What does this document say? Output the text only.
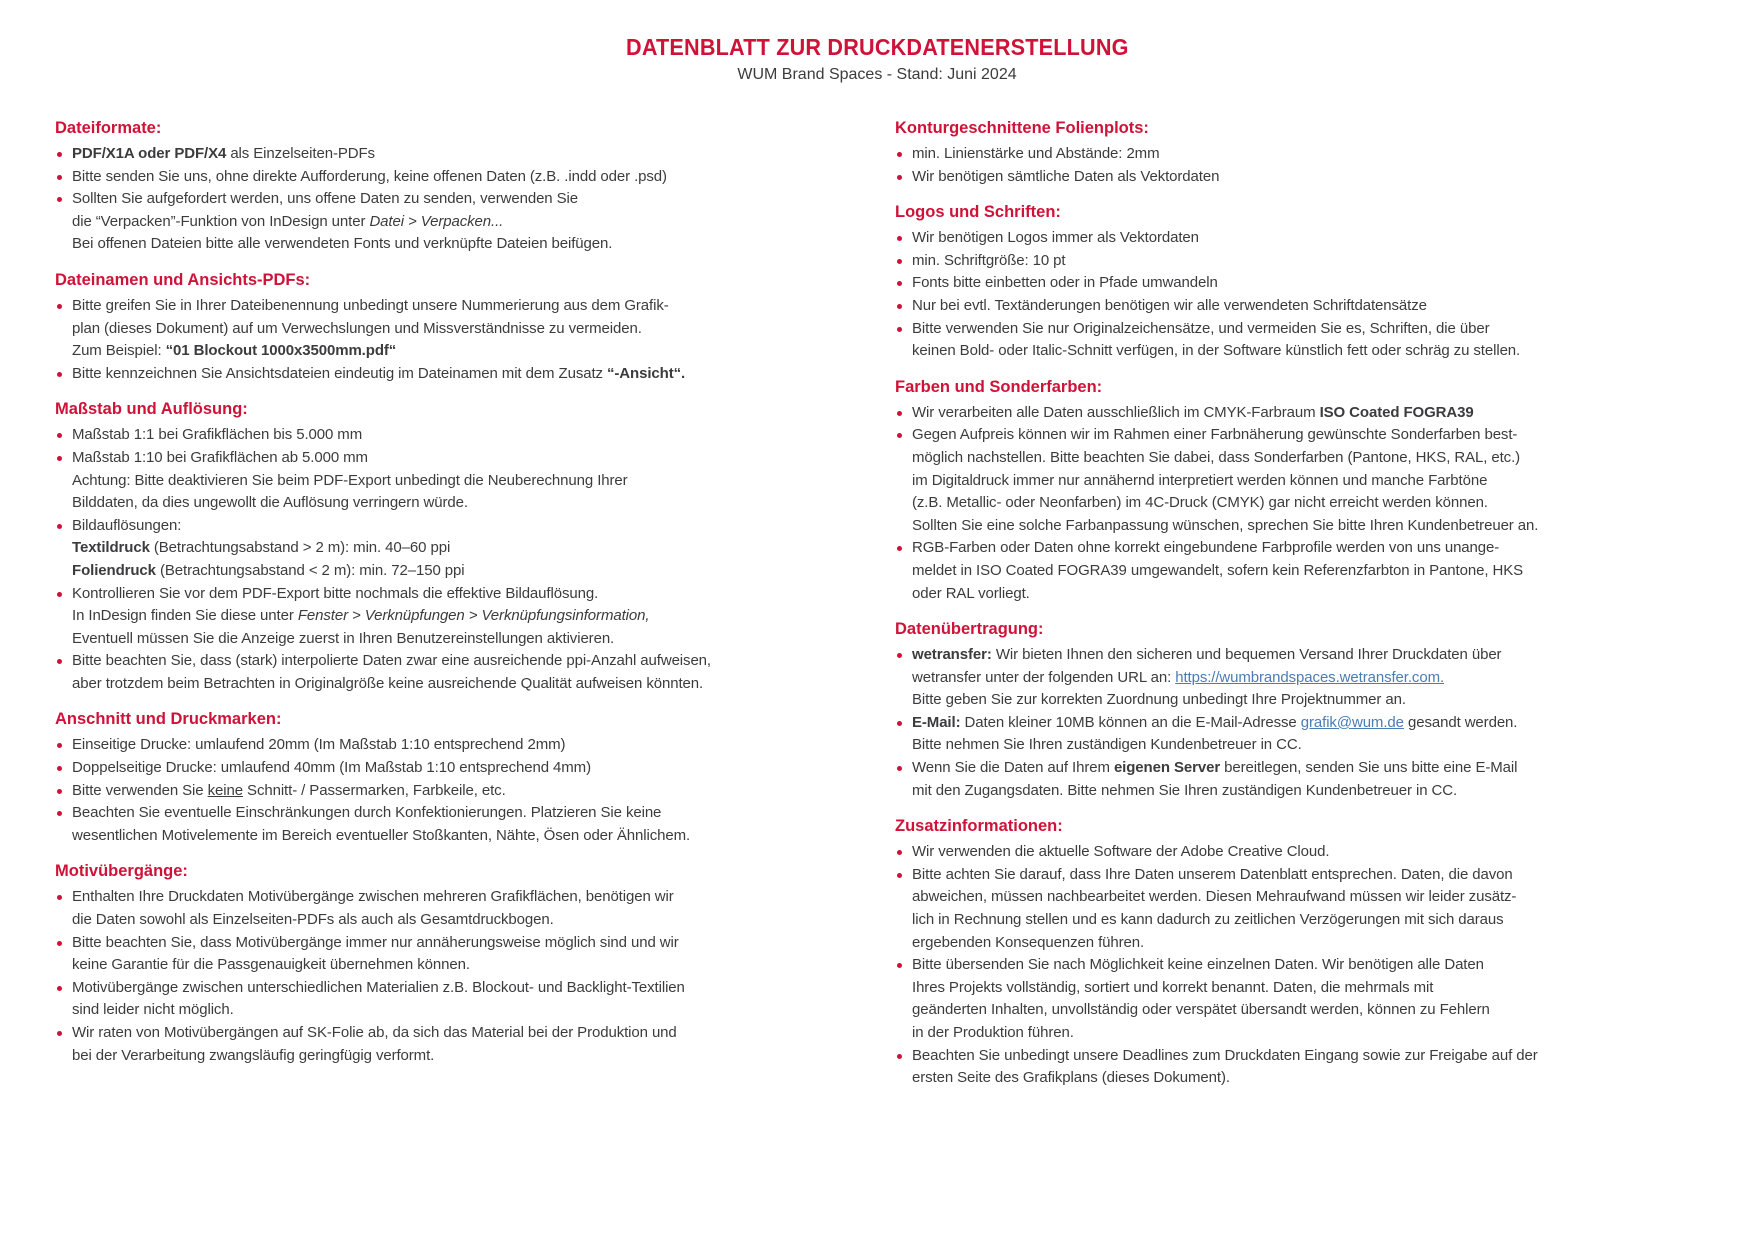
DATENBLATT ZUR DRUCKDATENERSTELLUNG
WUM Brand Spaces - Stand: Juni 2024
Dateiformate:
PDF/X1A oder PDF/X4 als Einzelseiten-PDFs
Bitte senden Sie uns, ohne direkte Aufforderung, keine offenen Daten (z.B. .indd oder .psd)
Sollten Sie aufgefordert werden, uns offene Daten zu senden, verwenden Sie
die “Verpacken”-Funktion von InDesign unter Datei > Verpacken...
Bei offenen Dateien bitte alle verwendeten Fonts und verknüpfte Dateien beifügen.
Dateinamen und Ansichts-PDFs:
Bitte greifen Sie in Ihrer Dateibenennung unbedingt unsere Nummerierung aus dem Grafik-
plan (dieses Dokument) auf um Verwechslungen und Missverständnisse zu vermeiden.
Zum Beispiel: “01 Blockout 1000x3500mm.pdf“
Bitte kennzeichnen Sie Ansichtsdateien eindeutig im Dateinamen mit dem Zusatz “-Ansicht“.
Maßstab und Auflösung:
Maßstab 1:1 bei Grafikflächen bis 5.000 mm
Maßstab 1:10 bei Grafikflächen ab 5.000 mm
Achtung: Bitte deaktivieren Sie beim PDF-Export unbedingt die Neuberechnung Ihrer
Bilddaten, da dies ungewollt die Auflösung verringern würde.
Bildauflösungen:
Textildruck (Betrachtungsabstand > 2 m): min. 40–60 ppi
Foliendruck (Betrachtungsabstand < 2 m): min. 72–150 ppi
Kontrollieren Sie vor dem PDF-Export bitte nochmals die effektive Bildauflösung.
In InDesign finden Sie diese unter Fenster > Verknüpfungen > Verknüpfungsinformation,
Eventuell müssen Sie die Anzeige zuerst in Ihren Benutzereinstellungen aktivieren.
Bitte beachten Sie, dass (stark) interpolierte Daten zwar eine ausreichende ppi-Anzahl aufweisen,
aber trotzdem beim Betrachten in Originalgröße keine ausreichende Qualität aufweisen könnten.
Anschnitt und Druckmarken:
Einseitige Drucke: umlaufend 20mm (Im Maßstab 1:10 entsprechend 2mm)
Doppelseitige Drucke: umlaufend 40mm (Im Maßstab 1:10 entsprechend 4mm)
Bitte verwenden Sie keine Schnitt- / Passermarken, Farbkeile, etc.
Beachten Sie eventuelle Einschränkungen durch Konfektionierungen. Platzieren Sie keine
wesentlichen Motivelemente im Bereich eventueller Stoßkanten, Nähte, Ösen oder Ähnlichem.
Motivübergänge:
Enthalten Ihre Druckdaten Motivübergänge zwischen mehreren Grafikflächen, benötigen wir
die Daten sowohl als Einzelseiten-PDFs als auch als Gesamtdruckbogen.
Bitte beachten Sie, dass Motivübergänge immer nur annäherungsweise möglich sind und wir
keine Garantie für die Passgenauigkeit übernehmen können.
Motivübergänge zwischen unterschiedlichen Materialien z.B. Blockout- und Backlight-Textilien
sind leider nicht möglich.
Wir raten von Motivübergängen auf SK-Folie ab, da sich das Material bei der Produktion und
bei der Verarbeitung zwangsläufig geringfügig verformt.
Konturgeschnittene Folienplots:
min. Linienstärke und Abstände: 2mm
Wir benötigen sämtliche Daten als Vektordaten
Logos und Schriften:
Wir benötigen Logos immer als Vektordaten
min. Schriftgröße: 10 pt
Fonts bitte einbetten oder in Pfade umwandeln
Nur bei evtl. Textänderungen benötigen wir alle verwendeten Schriftdatensätze
Bitte verwenden Sie nur Originalzeichensätze, und vermeiden Sie es, Schriften, die über
keinen Bold- oder Italic-Schnitt verfügen, in der Software künstlich fett oder schräg zu stellen.
Farben und Sonderfarben:
Wir verarbeiten alle Daten ausschließlich im CMYK-Farbraum ISO Coated FOGRA39
Gegen Aufpreis können wir im Rahmen einer Farbnäherung gewünschte Sonderfarben best-
möglich nachstellen. Bitte beachten Sie dabei, dass Sonderfarben (Pantone, HKS, RAL, etc.)
im Digitaldruck immer nur annähernd interpretiert werden können und manche Farbtöne
(z.B. Metallic- oder Neonfarben) im 4C-Druck (CMYK) gar nicht erreicht werden können.
Sollten Sie eine solche Farbanpassung wünschen, sprechen Sie bitte Ihren Kundenbetreuer an.
RGB-Farben oder Daten ohne korrekt eingebundene Farbprofile werden von uns unange-
meldet in ISO Coated FOGRA39 umgewandelt, sofern kein Referenzfarbton in Pantone, HKS
oder RAL vorliegt.
Datenübertragung:
wetransfer: Wir bieten Ihnen den sicheren und bequemen Versand Ihrer Druckdaten über
wetransfer unter der folgenden URL an: https://wumbrandspaces.wetransfer.com.
Bitte geben Sie zur korrekten Zuordnung unbedingt Ihre Projektnummer an.
E-Mail: Daten kleiner 10MB können an die E-Mail-Adresse grafik@wum.de gesandt werden.
Bitte nehmen Sie Ihren zuständigen Kundenbetreuer in CC.
Wenn Sie die Daten auf Ihrem eigenen Server bereitlegen, senden Sie uns bitte eine E-Mail
mit den Zugangsdaten. Bitte nehmen Sie Ihren zuständigen Kundenbetreuer in CC.
Zusatzinformationen:
Wir verwenden die aktuelle Software der Adobe Creative Cloud.
Bitte achten Sie darauf, dass Ihre Daten unserem Datenblatt entsprechen. Daten, die davon
abweichen, müssen nachbearbeitet werden. Diesen Mehraufwand müssen wir leider zusätz-
lich in Rechnung stellen und es kann dadurch zu zeitlichen Verzögerungen mit sich daraus
ergebenden Konsequenzen führen.
Bitte übersenden Sie nach Möglichkeit keine einzelnen Daten. Wir benötigen alle Daten
Ihres Projekts vollständig, sortiert und korrekt benannt. Daten, die mehrmals mit
geänderten Inhalten, unvollständig oder verspätet übersandt werden, können zu Fehlern
in der Produktion führen.
Beachten Sie unbedingt unsere Deadlines zum Druckdaten Eingang sowie zur Freigabe auf der
ersten Seite des Grafikplans (dieses Dokument).
